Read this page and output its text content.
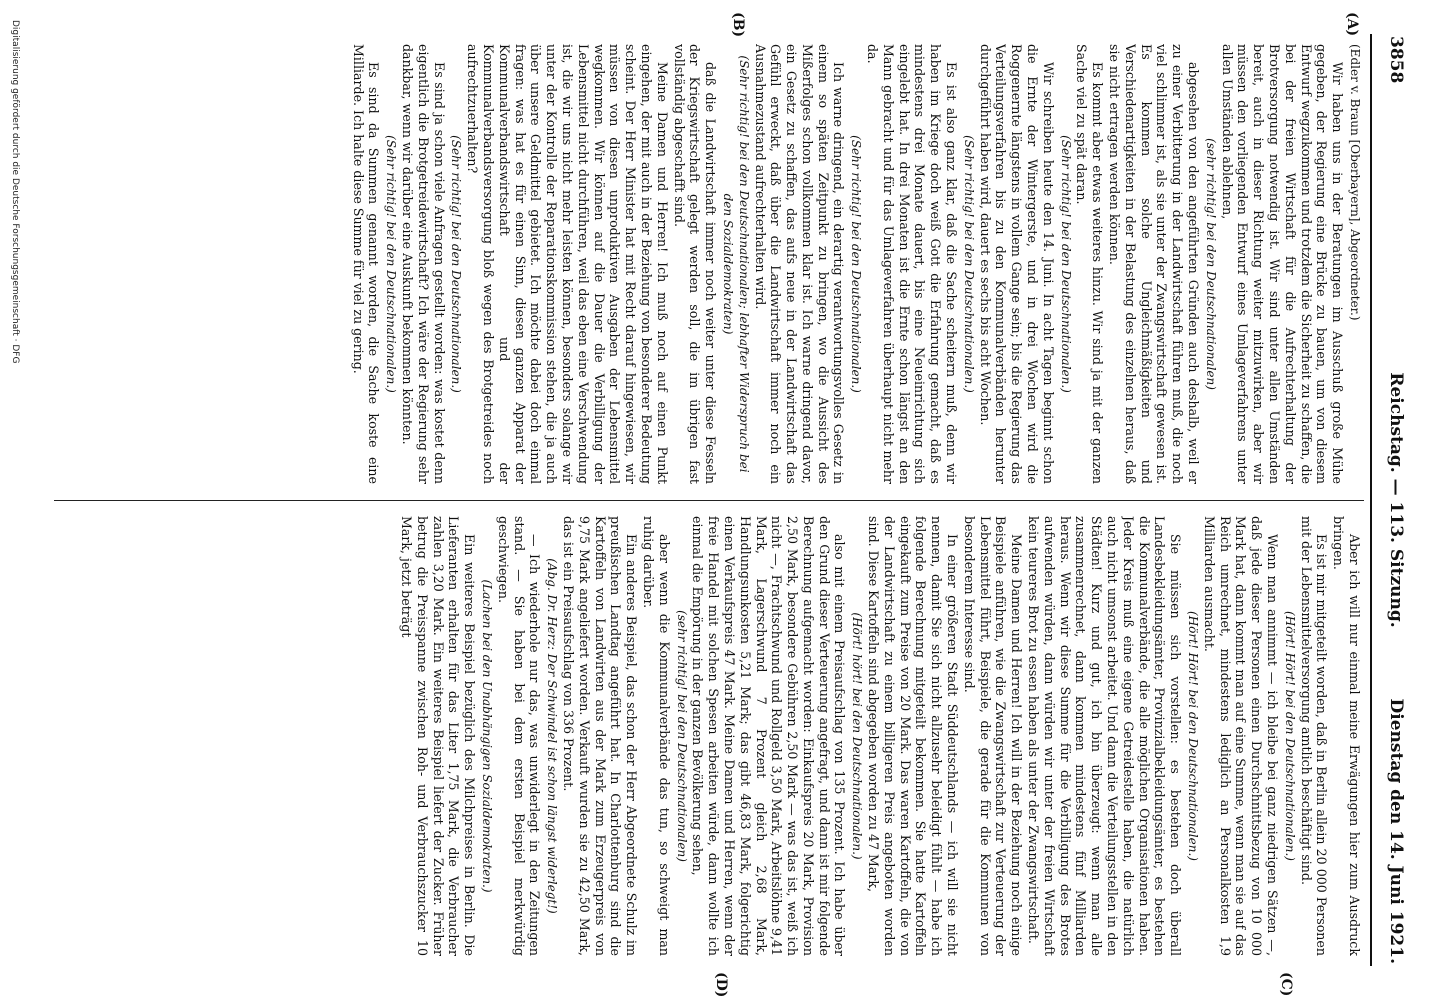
3858
Reichstag. — 113. Sitzung.
Dienstag den 14. Juni 1921.
(A)
(B)
(C)
(D)

(Edler v. Braun [Oberbayern], Abgeordneter.)

Wir haben uns in der Beratungen im Ausschuß große Mühe gegeben, der Regierung eine Brücke zu bauen, um von diesem Entwurf wegzukommen und trotzdem die Sicherheit zu schaffen, die bei der freien Wirtschaft für die Aufrechterhaltung der Brotversorgung notwendig ist. Wir sind unter allen Umständen bereit, auch in dieser Richtung weiter mitzuwirken, aber wir müssen den vorliegenden Entwurf eines Umlageverfahrens unter allen Umständen ablehnen,

(sehr richtig! bei den Deutschnationalen)

abgesehen von den angeführten Gründen auch deshalb, weil er zu einer Verbitterung in der Landwirtschaft führen muß, die noch viel schlimmer ist, als sie unter der Zwangswirtschaft gewesen ist. Es kommen solche Ungleichmäßigkeiten und Verschiedenartigkeiten in der Belastung des einzelnen heraus, daß sie nicht ertragen werden können.

Es kommt aber etwas weiteres hinzu. Wir sind ja mit der ganzen Sache viel zu spät daran.

(Sehr richtig! bei den Deutschnationalen.)

Wir schreiben heute den 14. Juni. In acht Tagen beginnt schon die Ernte der Wintergerste, und in drei Wochen wird die Roggenernte längstens in vollem Gange sein; bis die Regierung das Verteilungsverfahren bis zu den Kommunalverbänden herunter durchgeführt haben wird, dauert es sechs bis acht Wochen.

(Sehr richtig! bei den Deutschnationalen.)

Es ist also ganz klar, daß die Sache scheitern muß, denn wir haben im Kriege doch weiß Gott die Erfahrung gemacht, daß es mindestens drei Monate dauert, bis eine Neueinrichtung sich eingelebt hat. In drei Monaten ist die Ernte schon längst an den Mann gebracht und für das Umlageverfahren überhaupt nicht mehr da.

(Sehr richtig! bei den Deutschnationalen.)

Ich warne dringend, ein derartig verantwortungsvolles Gesetz in einem so späten Zeitpunkt zu bringen, wo die Aussicht des Mißerfolges schon vollkommen klar ist. Ich warne dringend davor, ein Gesetz zu schaffen, das aufs neue in der Landwirtschaft das Gefühl erweckt, daß über die Landwirtschaft immer noch ein Ausnahmezustand aufrechterhalten wird.

(Sehr richtig! bei den Deutschnationalen; lebhafter Widerspruch bei den Sozialdemokraten)

daß die Landwirtschaft immer noch weiter unter diese Fesseln der Kriegswirtschaft gelegt werden soll, die im übrigen fast vollständig abgeschafft sind.

Meine Damen und Herren! Ich muß noch auf einen Punkt eingehen, der mit auch in der Beziehung von besonderer Bedeutung scheint. Der Herr Minister hat mit Recht darauf hingewiesen, wir müssen von diesen unproduktiven Ausgaben der Lebensmittel wegkommen. Wir können auf die Dauer die Verbilligung der Lebensmittel nicht durchführen, weil das eben eine Verschwendung ist, die wir uns nicht mehr leisten können, besonders solange wir unter der Kontrolle der Reparationskommission stehen, die ja auch über unsere Geldmittel gebietet. Ich möchte dabei doch einmal fragen: was hat es für einen Sinn, diesen ganzen Apparat der Kommunalverbandswirtschaft und der Kommunalverbandsversorgung bloß wegen des Brotgetreides noch aufrechtzuerhalten?

(Sehr richtig! bei den Deutschnationalen.)

Es sind ja schon viele Anfragen gestellt worden: was kostet denn eigentlich die Brotgetreidewirtschaft? Ich wäre der Regierung sehr dankbar, wenn wir darüber eine Auskunft bekommen könnten.

(Sehr richtig! bei den Deutschnationalen.)

Es sind da Summen genannt worden, die Sache koste eine Milliarde. Ich halte diese Summe für viel zu gering.

Aber ich will nur einmal meine Erwägungen hier zum Ausdruck bringen.

Es ist mir mitgeteilt worden, daß in Berlin allein 20 000 Personen mit der Lebensmittelversorgung amtlich beschäftigt sind.

(Hört! Hört! bei den Deutschnationalen.)

Wenn man annimmt — ich bleibe bei ganz niedrigen Sätzen —, daß jede dieser Personen einen Durchschnittsbezug von 10 000 Mark hat, dann kommt man auf eine Summe, wenn man sie auf das Reich umrechnet, mindestens lediglich an Personalkosten 1,9 Milliarden ausmacht.

(Hört! Hört! bei den Deutschnationalen.)

Sie müssen sich vorstellen: es bestehen doch überall Landesbekleidungsämter, Provinzialbekleidungsämter, es bestehen die Kommunalverbände, die alle möglichen Organisationen haben. Jeder Kreis muß eine eigene Getreidestelle haben, die natürlich auch nicht umsonst arbeitet. Und dann die Verteilungsstellen in den Städten! Kurz und gut, ich bin überzeugt: wenn man alle zusammenrechnet, dann kommen mindestens fünf Milliarden heraus. Wenn wir diese Summe für die Verbilligung des Brotes aufwenden würden, dann würden wir unter der freien Wirtschaft kein teureres Brot zu essen haben als unter der Zwangswirtschaft.

Meine Damen und Herren! Ich will in der Beziehung noch einige Beispiele anführen, wie die Zwangswirtschaft zur Verteuerung der Lebensmittel führt, Beispiele, die gerade für die Kommunen von besonderem Interesse sind.

In einer größeren Stadt Süddeutschlands — ich will sie nicht nennen, damit Sie sich nicht allzusehr beleidigt fühlt — habe ich folgende Berechnung mitgeteilt bekommen. Sie hatte Kartoffeln eingekauft zum Preise von 20 Mark. Das waren Kartoffeln, die von der Landwirtschaft zu einem billigeren Preis angeboten worden sind. Diese Kartoffeln sind abgegeben worden zu 47 Mark,

(Hört! hört! bei den Deutschnationalen.)

also mit einem Preisaufschlag von 135 Prozent. Ich habe über den Grund dieser Verteuerung angefragt, und dann ist mir folgende Berechnung aufgemacht worden: Einkaufspreis 20 Mark, Provision 2,50 Mark, besondere Gebühren 2,50 Mark — was das ist, weiß ich nicht —, Frachtschwund und Rollgeld 3,50 Mark, Arbeitslöhne 9,41 Mark, Lagerschwund 7 Prozent gleich 2,68 Mark, Handlungsunkosten 5,21 Mark; das gibt 46,83 Mark, folgerichtig einen Verkaufspreis 47 Mark. Meine Damen und Herren, wenn der freie Handel mit solchen Spesen arbeiten würde, dann wollte ich einmal die Empörung in der ganzen Bevölkerung sehen,

(sehr richtig! bei den Deutschnationalen)

aber wenn die Kommunalverbände das tun, so schweigt man ruhig darüber.

Ein anderes Beispiel, das schon der Herr Abgeordnete Schulz im preußischen Landtag angeführt hat. In Charlottenburg sind die Kartoffeln von Landwirten aus der Mark zum Erzeugerpreis von 9,75 Mark angeliefert worden. Verkauft wurden sie zu 42,50 Mark, das ist ein Preisaufschlag von 336 Prozent.

(Abg. Dr. Herz: Der Schwindel ist schon längst widerlegt!)

— Ich wiederhole nur das, was unwiderlegt in den Zeitungen stand. — Sie haben bei dem ersten Beispiel merkwürdig geschwiegen.

(Lachen bei den Unabhängigen Sozialdemokraten.)

Ein weiteres Beispiel bezüglich des Milchpreises in Berlin. Die Lieferanten erhalten für das Liter 1,75 Mark, die Verbraucher zahlen 3,20 Mark. Ein weiteres Beispiel liefert der Zucker. Früher betrug die Preisspanne zwischen Roh- und Verbrauchszucker 10 Mark, jetzt beträgt

Digitalisierung gefördert durch die Deutsche Forschungsgemeinschaft · DFG
